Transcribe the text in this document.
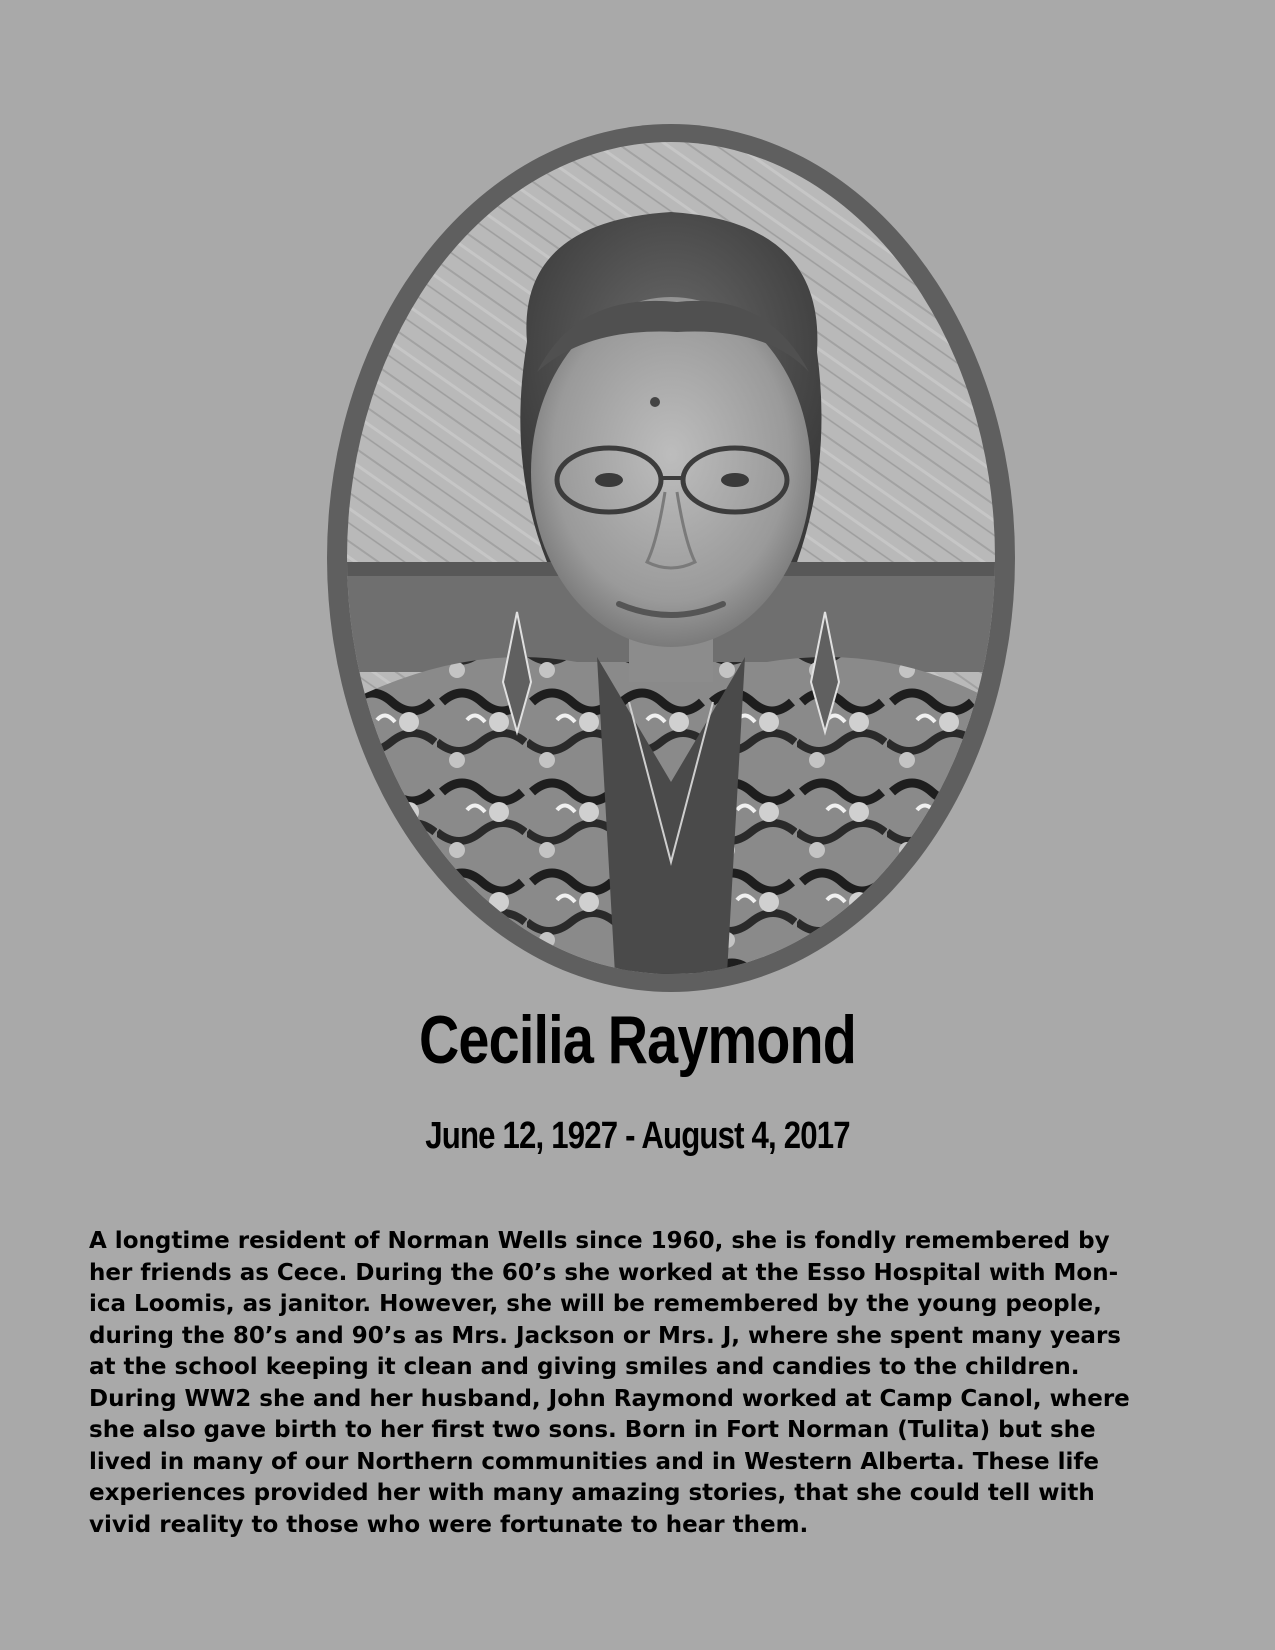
Cecilia Raymond
June 12, 1927 - August 4, 2017

A longtime resident of Norman Wells since 1960, she is fondly remembered by
her friends as Cece. During the 60’s she worked at the Esso Hospital with Mon-
ica Loomis, as janitor. However, she will be remembered by the young people,
during the 80’s and 90’s as Mrs. Jackson or Mrs. J, where she spent many years
at the school keeping it clean and giving smiles and candies to the children.
During WW2 she and her husband, John Raymond worked at Camp Canol, where
she also gave birth to her first two sons. Born in Fort Norman (Tulita) but she
lived in many of our Northern communities and in Western Alberta. These life
experiences provided her with many amazing stories, that she could tell with
vivid reality to those who were fortunate to hear them.
